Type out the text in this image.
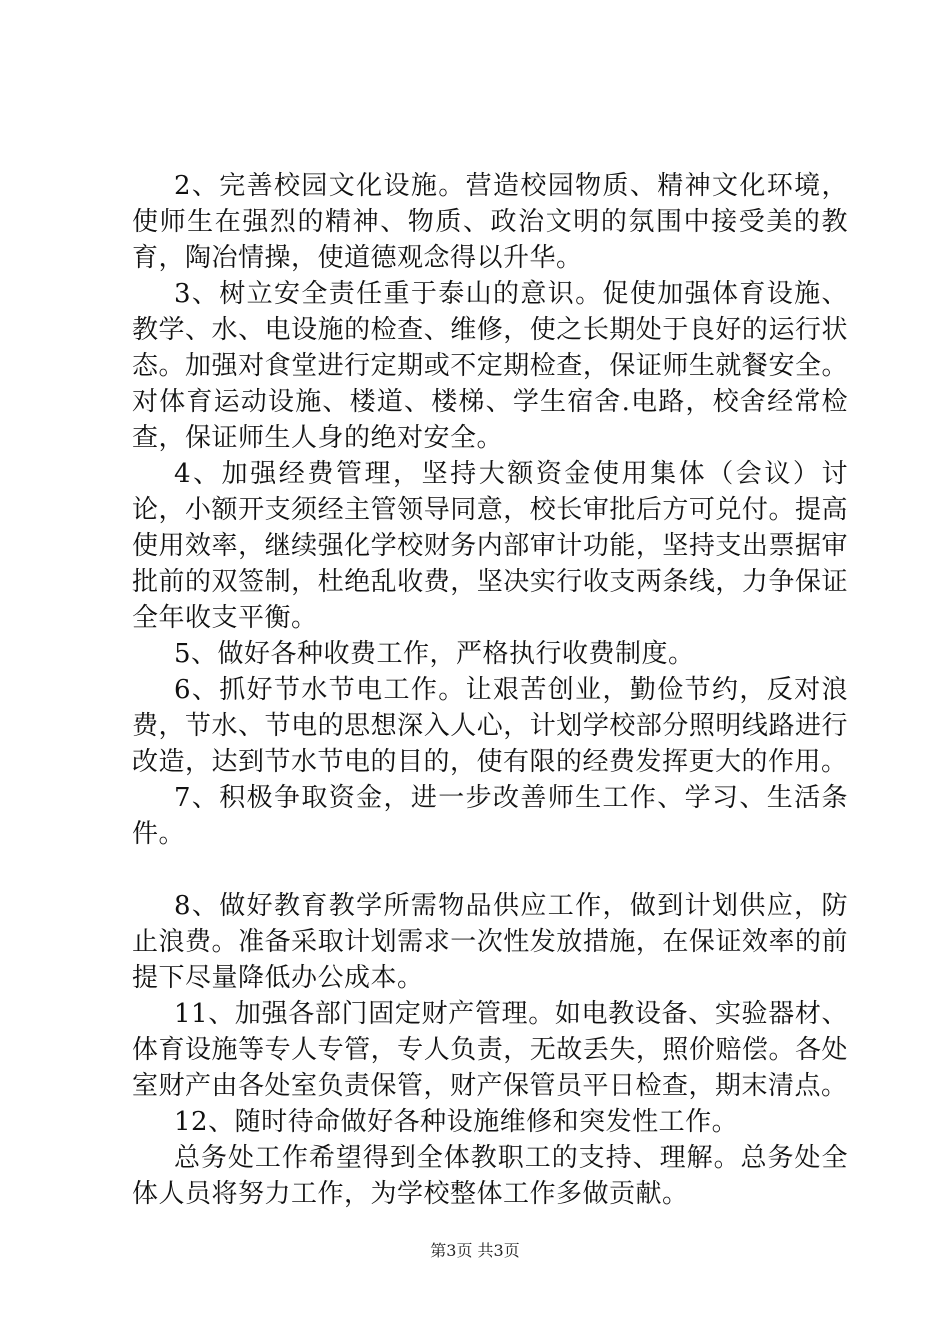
2、完善校园文化设施。营造校园物质、精神文化环境，使师生在强烈的精神、物质、政治文明的氛围中接受美的教育，陶冶情操，使道德观念得以升华。

3、树立安全责任重于泰山的意识。促使加强体育设施、教学、水、电设施的检查、维修，使之长期处于良好的运行状态。加强对食堂进行定期或不定期检查，保证师生就餐安全。对体育运动设施、楼道、楼梯、学生宿舍.电路，校舍经常检查，保证师生人身的绝对安全。

4、加强经费管理，坚持大额资金使用集体（会议）讨论，小额开支须经主管领导同意，校长审批后方可兑付。提高使用效率，继续强化学校财务内部审计功能，坚持支出票据审批前的双签制，杜绝乱收费，坚决实行收支两条线，力争保证全年收支平衡。

5、做好各种收费工作，严格执行收费制度。

6、抓好节水节电工作。让艰苦创业，勤俭节约，反对浪费，节水、节电的思想深入人心，计划学校部分照明线路进行改造，达到节水节电的目的，使有限的经费发挥更大的作用。

7、积极争取资金，进一步改善师生工作、学习、生活条件。

8、做好教育教学所需物品供应工作，做到计划供应，防止浪费。准备采取计划需求一次性发放措施，在保证效率的前提下尽量降低办公成本。

11、加强各部门固定财产管理。如电教设备、实验器材、体育设施等专人专管，专人负责，无故丢失，照价赔偿。各处室财产由各处室负责保管，财产保管员平日检查，期末清点。

12、随时待命做好各种设施维修和突发性工作。

总务处工作希望得到全体教职工的支持、理解。总务处全体人员将努力工作，为学校整体工作多做贡献。

第3页 共3页
